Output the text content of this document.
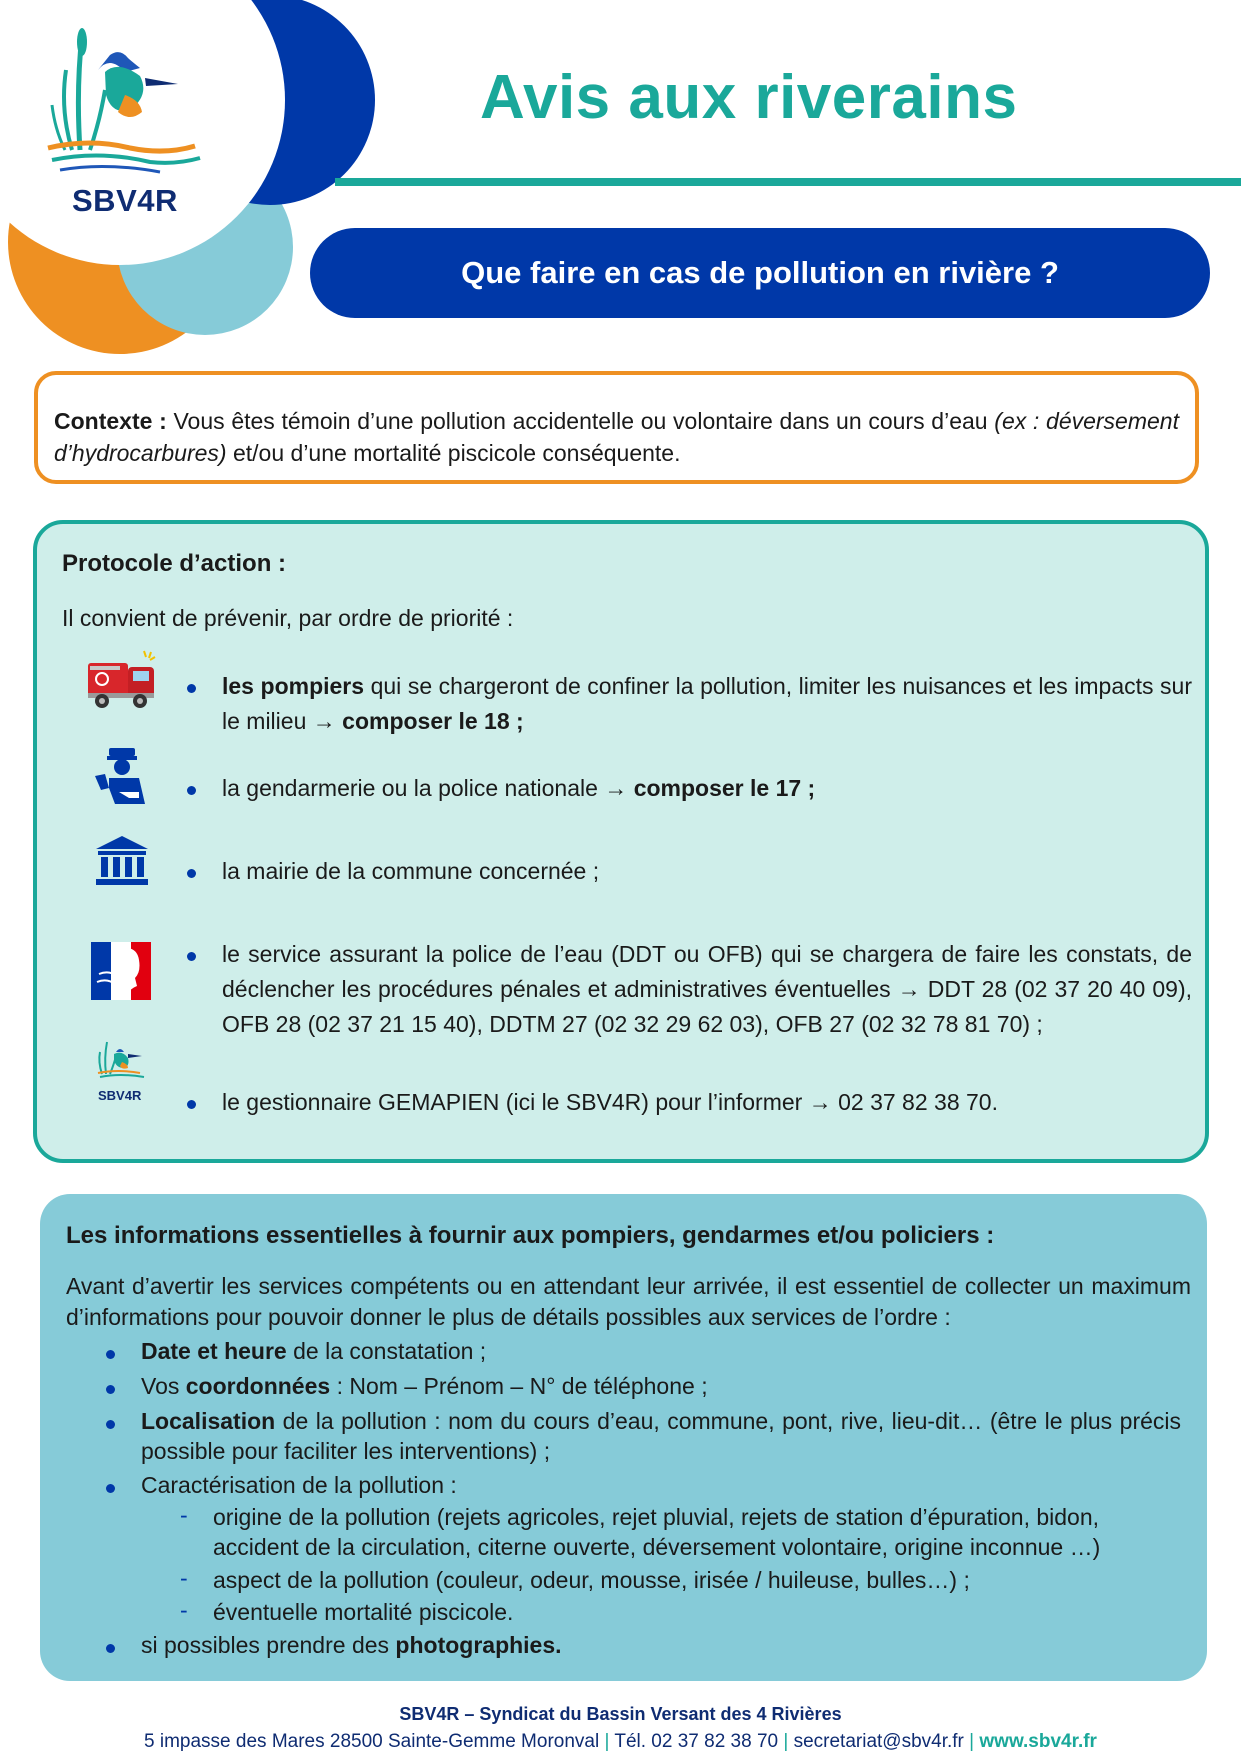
SBV4R
Avis aux riverains
Que faire en cas de pollution en rivière ?
Contexte : Vous êtes témoin d’une pollution accidentelle ou volontaire dans un cours d’eau (ex : déversement d’hydrocarbures) et/ou d’une mortalité piscicole conséquente.
Protocole d’action :
Il convient de prévenir, par ordre de priorité :
les pompiers qui se chargeront de confiner la pollution, limiter les nuisances et les impacts sur le milieu → composer le 18 ;
la gendarmerie ou la police nationale → composer le 17 ;
la mairie de la commune concernée ;
le service assurant la police de l’eau (DDT ou OFB) qui se chargera de faire les constats, de déclencher les procédures pénales et administratives éventuelles → DDT 28 (02 37 20 40 09), OFB 28 (02 37 21 15 40), DDTM 27 (02 32 29 62 03), OFB 27 (02 32 78 81 70) ;
SBV4R	le gestionnaire GEMAPIEN (ici le SBV4R) pour l’informer → 02 37 82 38 70.
Les informations essentielles à fournir aux pompiers, gendarmes et/ou policiers :
Avant d’avertir les services compétents ou en attendant leur arrivée, il est essentiel de collecter un maximum d’informations pour pouvoir donner le plus de détails possibles aux services de l’ordre :
Date et heure de la constatation ;
Vos coordonnées : Nom – Prénom – N° de téléphone ;
Localisation de la pollution : nom du cours d’eau, commune, pont, rive, lieu-dit… (être le plus précis possible pour faciliter les interventions) ;
Caractérisation de la pollution :
- origine de la pollution (rejets agricoles, rejet pluvial, rejets de station d’épuration, bidon, accident de la circulation, citerne ouverte, déversement volontaire, origine inconnue …)
- aspect de la pollution (couleur, odeur, mousse, irisée / huileuse, bulles…) ;
- éventuelle mortalité piscicole.
si possibles prendre des photographies.
SBV4R – Syndicat du Bassin Versant des 4 Rivières
5 impasse des Mares 28500 Sainte-Gemme Moronval | Tél. 02 37 82 38 70 | secretariat@sbv4r.fr | www.sbv4r.fr
